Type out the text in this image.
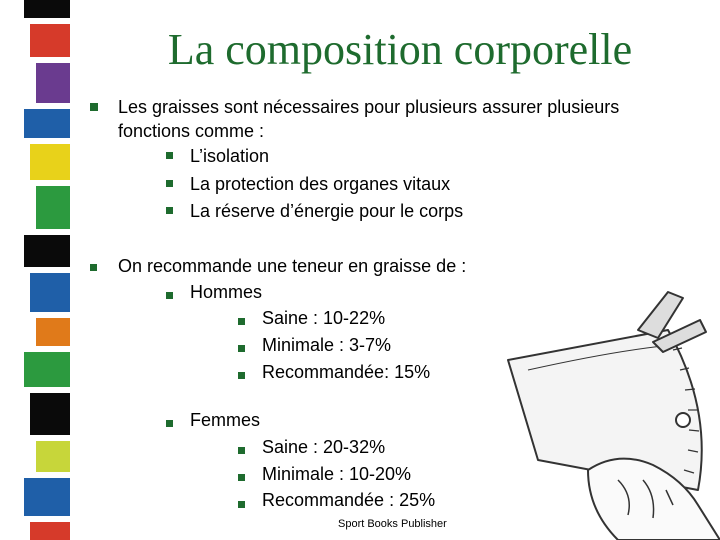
La composition corporelle
Les graisses sont nécessaires pour plusieurs assurer plusieurs
fonctions comme :
L’isolation
La protection des organes vitaux
La réserve d’énergie pour le corps
On recommande une teneur en graisse de :
Hommes
Saine : 10-22%
Minimale : 3-7%
Recommandée: 15%
Femmes
Saine : 20-32%
Minimale : 10-20%
Recommandée : 25%
Sport Books Publisher
